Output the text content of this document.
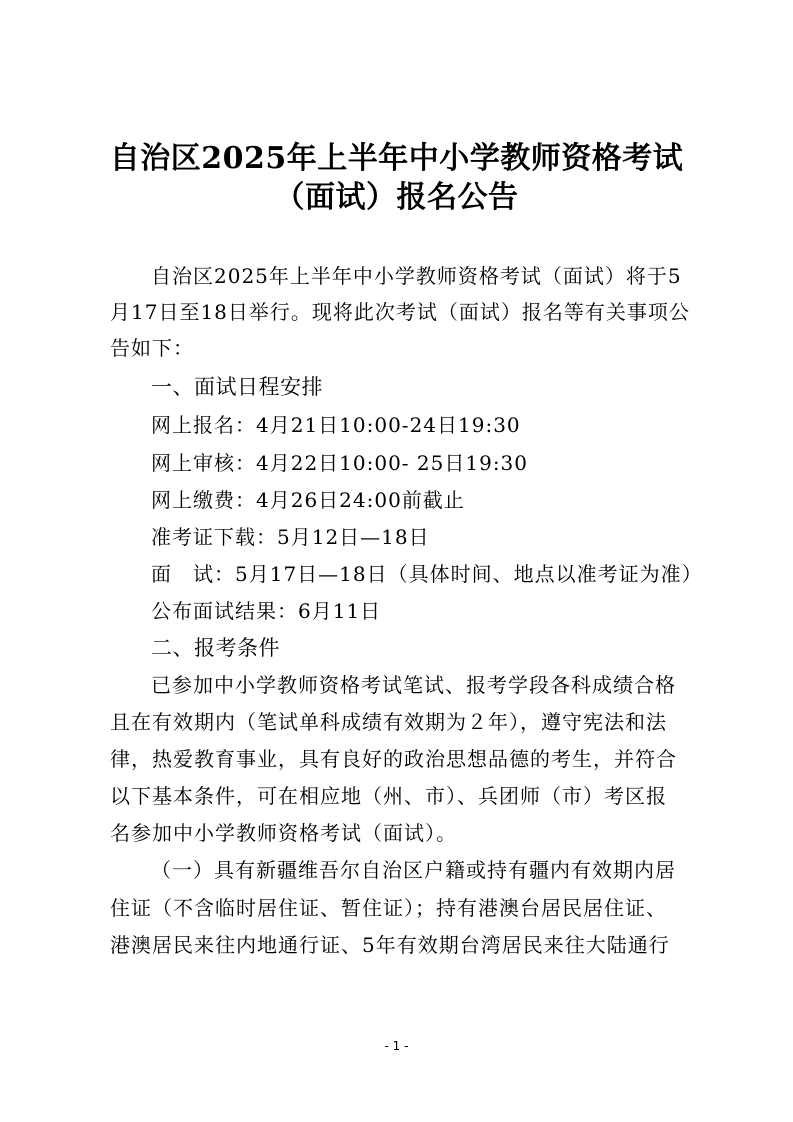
自治区2025年上半年中小学教师资格考试
（面试）报名公告
自治区2025年上半年中小学教师资格考试（面试）将于5
月17日至18日举行。现将此次考试（面试）报名等有关事项公
告如下：
一、面试日程安排
网上报名：4月21日10:00-24日19:30
网上审核：4月22日10:00- 25日19:30
网上缴费：4月26日24:00前截止
准考证下载：5月12日—18日
面　试：5月17日—18日（具体时间、地点以准考证为准）
公布面试结果：6月11日
二、报考条件
已参加中小学教师资格考试笔试、报考学段各科成绩合格
且在有效期内（笔试单科成绩有效期为２年），遵守宪法和法
律，热爱教育事业，具有良好的政治思想品德的考生，并符合
以下基本条件，可在相应地（州、市）、兵团师（市）考区报
名参加中小学教师资格考试（面试）。
（一）具有新疆维吾尔自治区户籍或持有疆内有效期内居
住证（不含临时居住证、暂住证）；持有港澳台居民居住证、
港澳居民来往内地通行证、5年有效期台湾居民来往大陆通行
- 1 -
